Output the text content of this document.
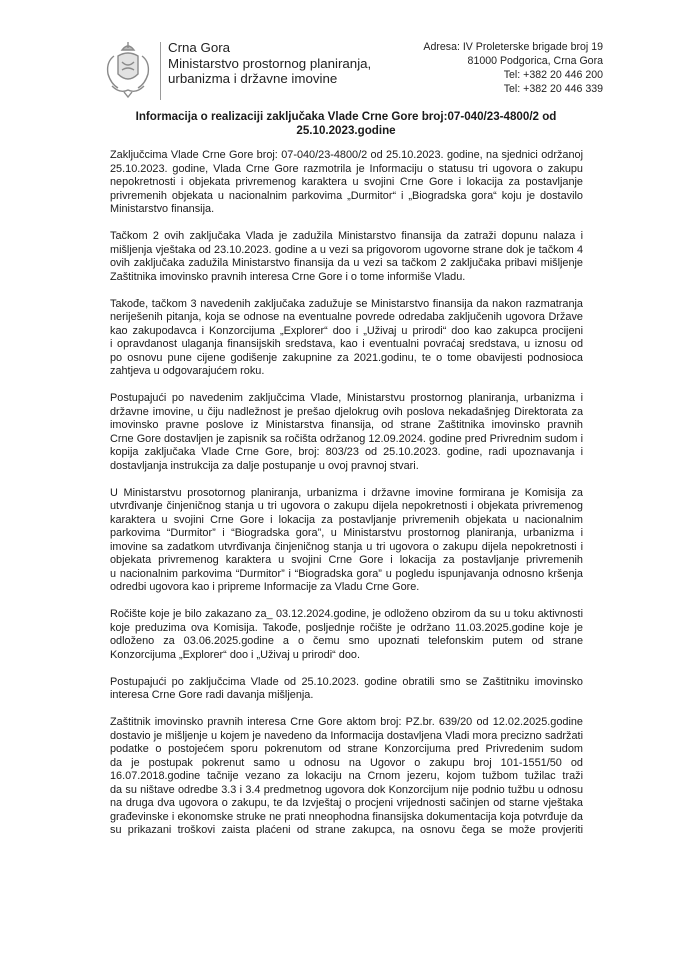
Crna Gora
Ministarstvo prostornog planiranja,
urbanizma i državne imovine
Adresa: IV Proleterske brigade broj 19
81000 Podgorica, Crna Gora
Tel: +382 20 446 200
Tel: +382 20 446 339
Informacija o realizaciji zaključaka Vlade Crne Gore broj:07-040/23-4800/2 od
25.10.2023.godine
Zaključcima Vlade Crne Gore broj: 07-040/23-4800/2 od 25.10.2023. godine, na sjednici održanoj
25.10.2023. godine, Vlada Crne Gore razmotrila je Informaciju o statusu tri ugovora o zakupu
nepokretnosti i objekata privremenog karaktera u svojini Crne Gore i lokacija za postavljanje
privremenih objekata u nacionalnim parkovima „Durmitor“ i „Biogradska gora“ koju je dostavilo
Ministarstvo finansija.
Tačkom 2 ovih zaključaka Vlada je zadužila Ministarstvo finansija da zatraži dopunu nalaza i
mišljenja vještaka od 23.10.2023. godine a u vezi sa prigovorom ugovorne strane dok je tačkom 4
ovih zaključaka zadužila Ministarstvo finansija da u vezi sa tačkom 2 zaključaka pribavi mišljenje
Zaštitnika imovinsko pravnih interesa Crne Gore i o tome informiše Vladu.
Takođe, tačkom 3 navedenih zaključaka zadužuje se Ministarstvo finansija da nakon razmatranja
neriješenih pitanja, koja se odnose na eventualne povrede odredaba zaključenih ugovora Države
kao zakupodavca i Konzorcijuma „Explorer“ doo i „Uživaj u prirodi“ doo kao zakupca procijeni
i opravdanost ulaganja finansijskih sredstava, kao i eventualni povraćaj sredstava, u iznosu od
po osnovu pune cijene godišenje zakupnine za 2021.godinu, te o tome obavijesti podnosioca
zahtjeva u odgovarajućem roku.
Postupajući po navedenim zaključcima Vlade, Ministarstvu prostornog planiranja, urbanizma i
državne imovine, u čiju nadležnost je prešao djelokrug ovih poslova nekadašnjeg Direktorata za
imovinsko pravne poslove iz Ministarstva finansija, od strane Zaštitnika imovinsko pravnih
Crne Gore dostavljen je zapisnik sa ročišta održanog 12.09.2024. godine pred Privrednim sudom i
kopija zaključaka Vlade Crne Gore, broj: 803/23 od 25.10.2023. godine, radi upoznavanja i
dostavljanja instrukcija za dalje postupanje u ovoj pravnoj stvari.
U Ministarstvu prosotornog planiranja, urbanizma i državne imovine formirana je Komisija za
utvrđivanje činjeničnog stanja u tri ugovora o zakupu dijela nepokretnosti i objekata privremenog
karaktera u svojini Crne Gore i lokacija za postavljanje privremenih objekata u nacionalnim
parkovima “Durmitor” i “Biogradska gora”, u Ministarstvu prostornog planiranja, urbanizma i
imovine sa zadatkom utvrđivanja činjeničnog stanja u tri ugovora o zakupu dijela nepokretnosti i
objekata privremenog karaktera u svojini Crne Gore i lokacija za postavljanje privremenih
u nacionalnim parkovima “Durmitor” i “Biogradska gora” u pogledu ispunjavanja odnosno kršenja
odredbi ugovora kao i pripreme Informacije za Vladu Crne Gore.
Ročište koje je bilo zakazano za_ 03.12.2024.godine, je odloženo obzirom da su u toku aktivnosti
koje preduzima ova Komisija. Takođe, posljednje ročište je održano 11.03.2025.godine koje je
odloženo za 03.06.2025.godine a o čemu smo upoznati telefonskim putem od strane
Konzorcijuma „Explorer“ doo i „Uživaj u prirodi“ doo.
Postupajući po zaključcima Vlade od 25.10.2023. godine obratili smo se Zaštitniku imovinsko
interesa Crne Gore radi davanja mišljenja.
Zaštitnik imovinsko pravnih interesa Crne Gore aktom broj: PZ.br. 639/20 od 12.02.2025.godine
dostavio je mišljenje u kojem je navedeno da Informacija dostavljena Vladi mora precizno sadržati
podatke o postojećem sporu pokrenutom od strane Konzorcijuma pred Privredenim sudom
da je postupak pokrenut samo u odnosu na Ugovor o zakupu broj 101-1551/50 od
16.07.2018.godine tačnije vezano za lokaciju na Crnom jezeru, kojom tužbom tužilac traži
da su ništave odredbe 3.3 i 3.4 predmetnog ugovora dok Konzorcijum nije podnio tužbu u odnosu
na druga dva ugovora o zakupu, te da Izvještaj o procjeni vrijednosti sačinjen od starne vještaka
građevinske i ekonomske struke ne prati nneophodna finansijska dokumentacija koja potvrđuje da
su prikazani troškovi zaista plaćeni od strane zakupca, na osnovu čega se može provjeriti
